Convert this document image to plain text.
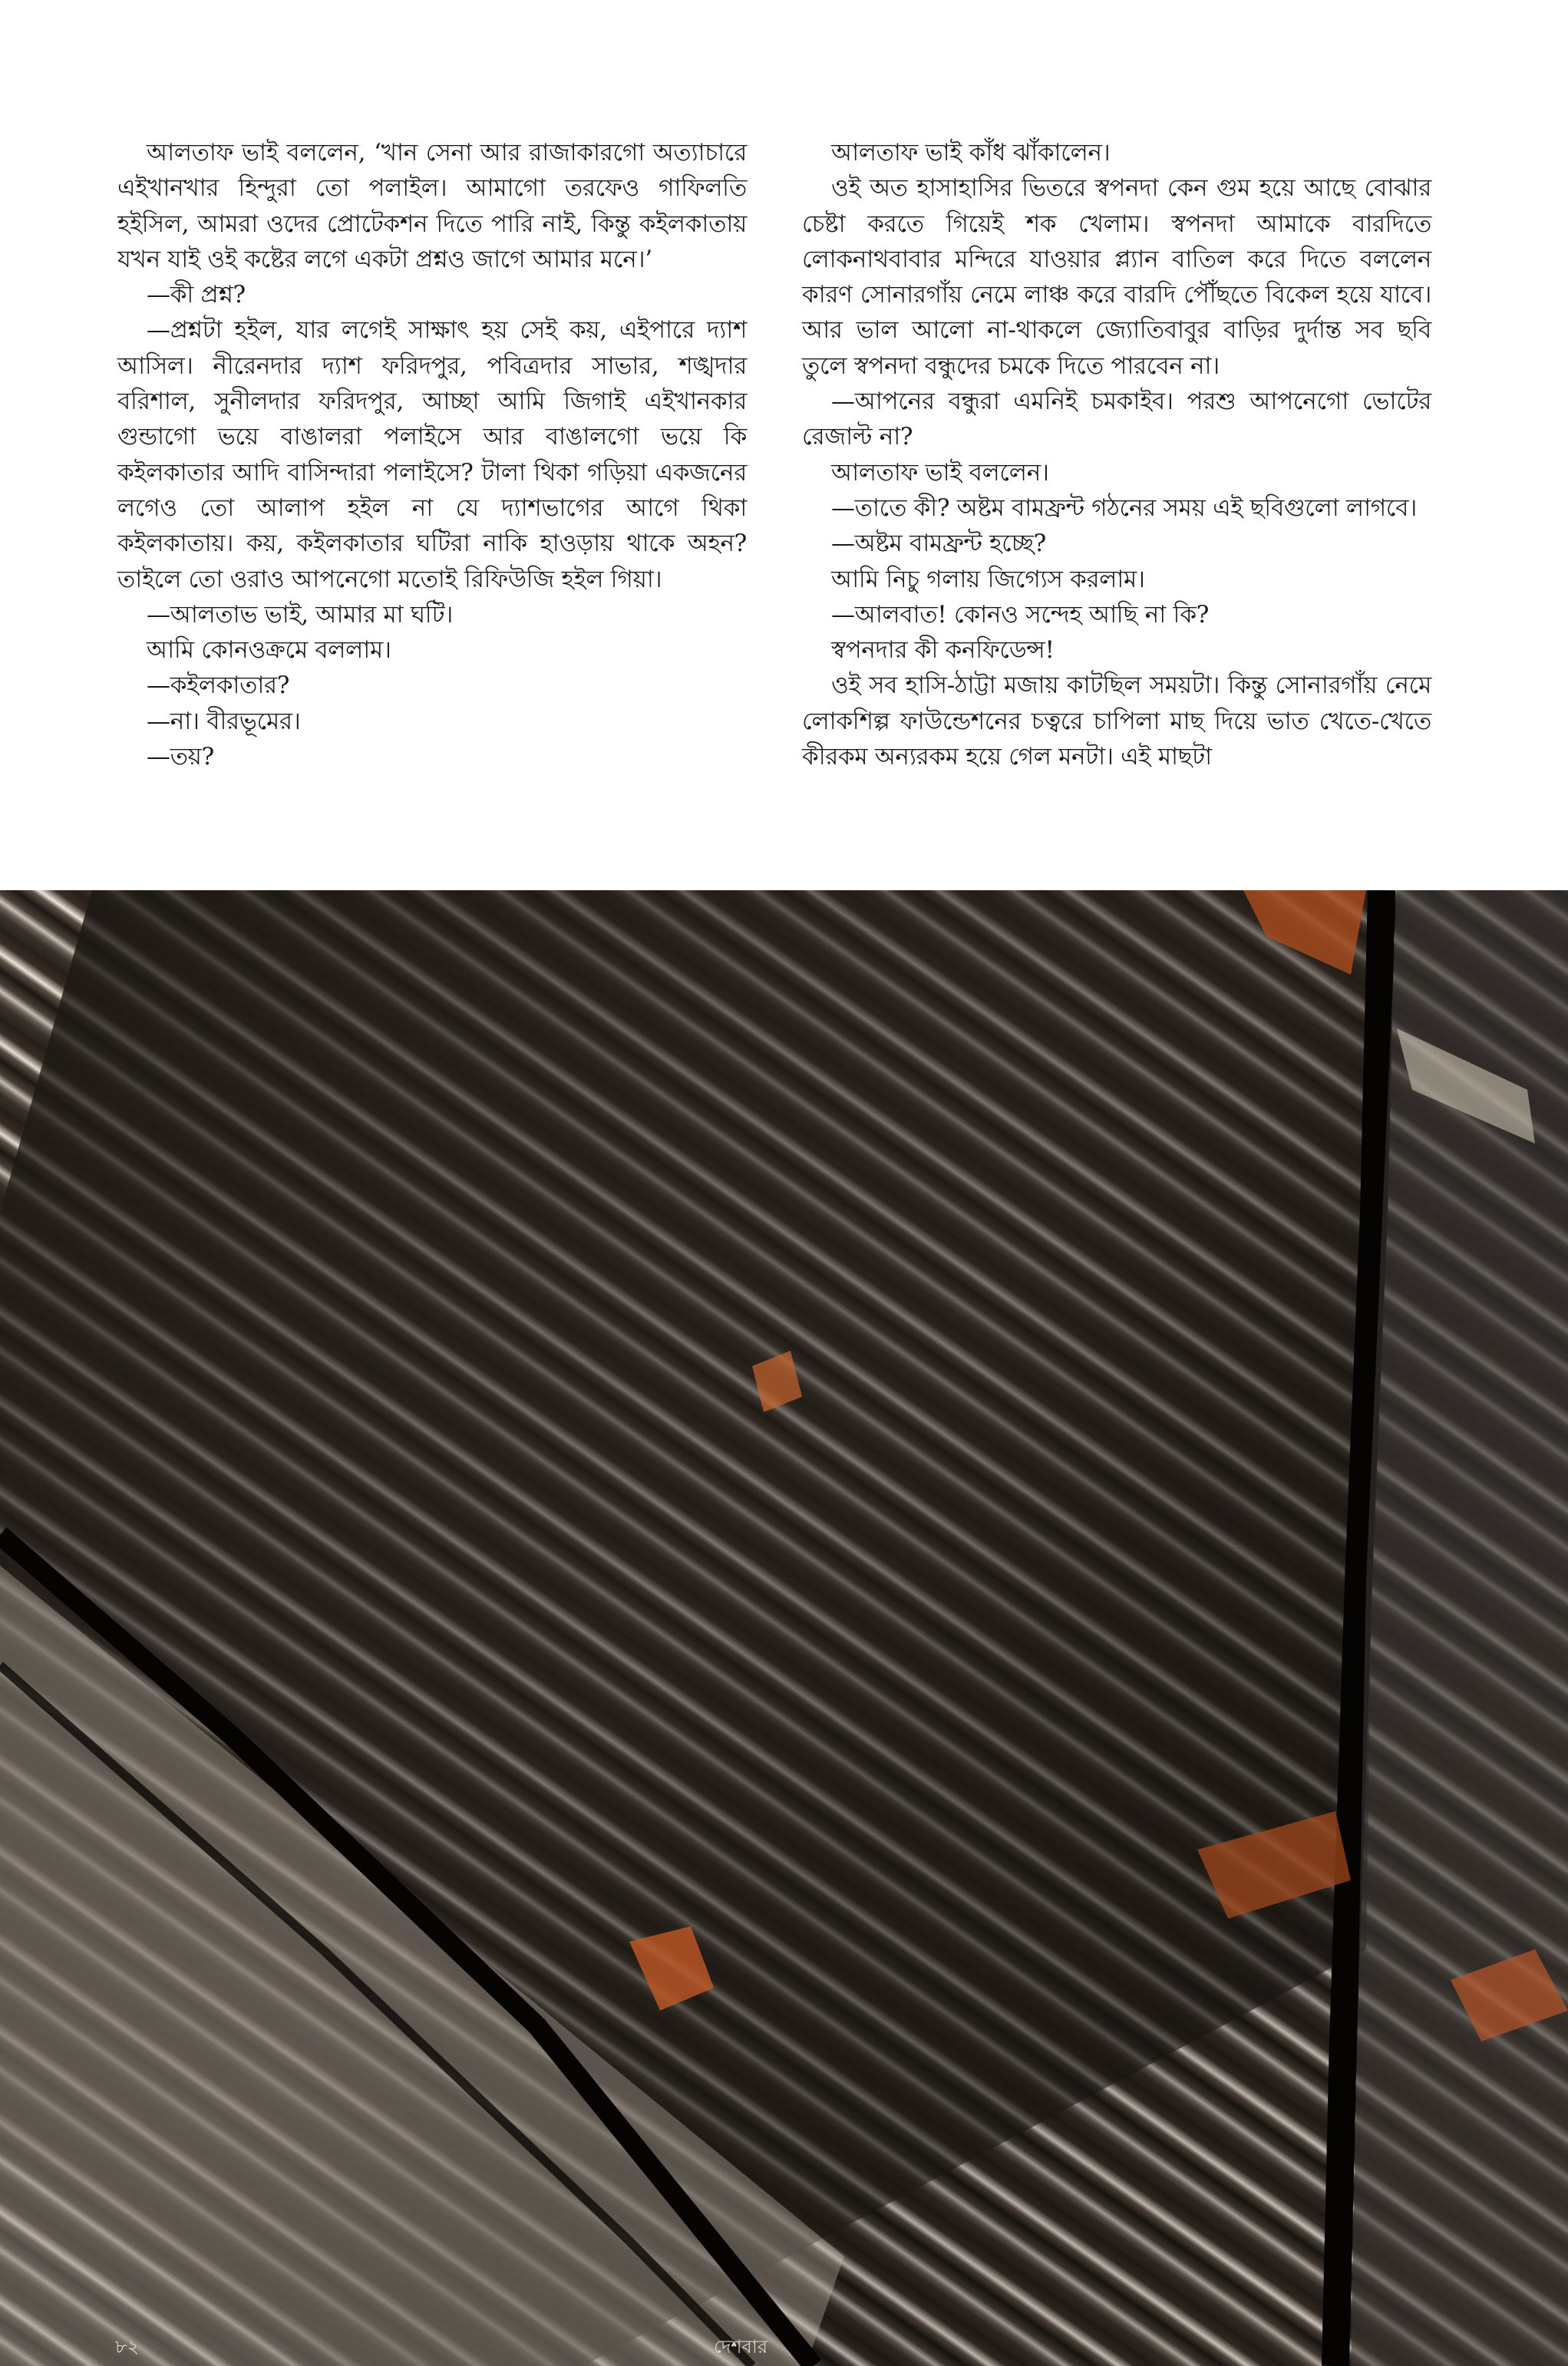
আলতাফ ভাই বললেন, ‘খান সেনা আর রাজাকারগো অত্যাচারে এইখানখার হিন্দুরা তো পলাইল। আমাগো তরফেও গাফিলতি হইসিল, আমরা ওদের প্রোটেকশন দিতে পারি নাই, কিন্তু কইলকাতায় যখন যাই ওই কষ্টের লগে একটা প্রশ্নও জাগে আমার মনে।’

—কী প্রশ্ন?

—প্রশ্নটা হইল, যার লগেই সাক্ষাৎ হয় সেই কয়, এইপারে দ্যাশ আসিল। নীরেনদার দ্যাশ ফরিদপুর, পবিত্রদার সাভার, শঙ্খদার বরিশাল, সুনীলদার ফরিদপুর, আচ্ছা আমি জিগাই এইখানকার গুন্ডাগো ভয়ে বাঙালরা পলাইসে আর বাঙালগো ভয়ে কি কইলকাতার আদি বাসিন্দারা পলাইসে? টালা থিকা গড়িয়া একজনের লগেও তো আলাপ হইল না যে দ্যাশভাগের আগে থিকা কইলকাতায়। কয়, কইলকাতার ঘটিরা নাকি হাওড়ায় থাকে অহন? তাইলে তো ওরাও আপনেগো মতোই রিফিউজি হইল গিয়া।

—আলতাভ ভাই, আমার মা ঘটি।

আমি কোনওক্রমে বললাম।

—কইলকাতার?

—না। বীরভূমের।

—তয়?

আলতাফ ভাই কাঁধ ঝাঁকালেন।

ওই অত হাসাহাসির ভিতরে স্বপনদা কেন গুম হয়ে আছে বোঝার চেষ্টা করতে গিয়েই শক খেলাম। স্বপনদা আমাকে বারদিতে লোকনাথবাবার মন্দিরে যাওয়ার প্ল্যান বাতিল করে দিতে বললেন কারণ সোনারগাঁয় নেমে লাঞ্চ করে বারদি পৌঁছতে বিকেল হয়ে যাবে। আর ভাল আলো না-থাকলে জ্যোতিবাবুর বাড়ির দুর্দান্ত সব ছবি তুলে স্বপনদা বন্ধুদের চমকে দিতে পারবেন না।

—আপনের বন্ধুরা এমনিই চমকাইব। পরশু আপনেগো ভোটের রেজাল্ট না?

আলতাফ ভাই বললেন।

—তাতে কী? অষ্টম বামফ্রন্ট গঠনের সময় এই ছবিগুলো লাগবে।

—অষ্টম বামফ্রন্ট হচ্ছে?

আমি নিচু গলায় জিগ্যেস করলাম।

—আলবাত! কোনও সন্দেহ আছি না কি?

স্বপনদার কী কনফিডেন্স!

ওই সব হাসি-ঠাট্টা মজায় কাটছিল সময়টা। কিন্তু সোনারগাঁয় নেমে লোকশিল্প ফাউন্ডেশনের চত্বরে চাপিলা মাছ দিয়ে ভাত খেতে-খেতে কীরকম অন্যরকম হয়ে গেল মনটা। এই মাছটা

৮২	দেশবার
